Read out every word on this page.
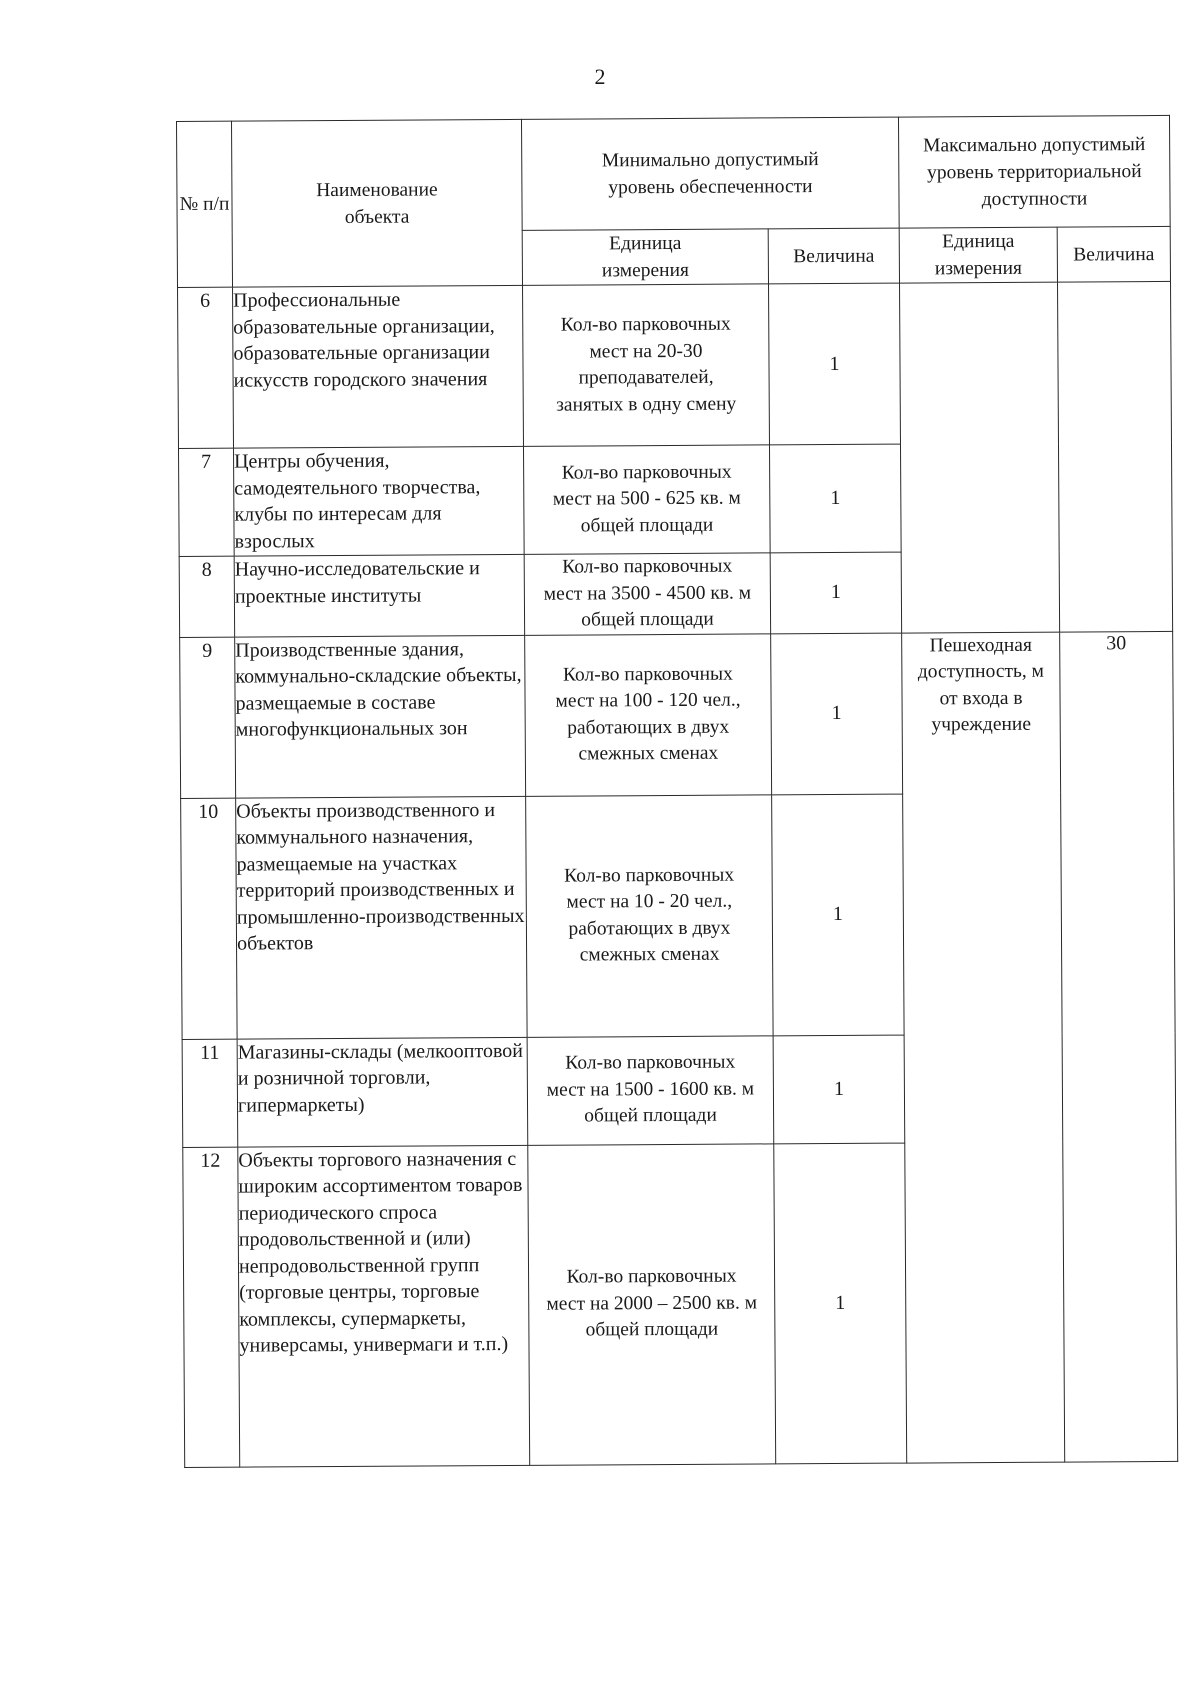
2
№ п/п	Наименование объекта	Минимально допустимый уровень обеспеченности		Максимально допустимый уровень территориальной доступности	
		Единица измерения	Величина	Единица измерения	Величина
6	Профессиональные образовательные организации, образовательные организации искусств городского значения	Кол-во парковочных мест на 20-30 преподавателей, занятых в одну смену	1		
7	Центры обучения, самодеятельного творчества, клубы по интересам для взрослых	Кол-во парковочных мест на 500 - 625 кв. м общей площади	1		
8	Научно-исследовательские и проектные институты	Кол-во парковочных мест на 3500 - 4500 кв. м общей площади	1		
9	Производственные здания, коммунально-складские объекты, размещаемые в составе многофункциональных зон	Кол-во парковочных мест на 100 - 120 чел., работающих в двух смежных сменах	1	Пешеходная доступность, м от входа в учреждение	30
10	Объекты производственного и коммунального назначения, размещаемые на участках территорий производственных и промышленно-производственных объектов	Кол-во парковочных мест на 10 - 20 чел., работающих в двух смежных сменах	1		
11	Магазины-склады (мелкооптовой и розничной торговли, гипермаркеты)	Кол-во парковочных мест на 1500 - 1600 кв. м общей площади	1		
12	Объекты торгового назначения с широким ассортиментом товаров периодического спроса продовольственной и (или) непродовольственной групп (торговые центры, торговые комплексы, супермаркеты, универсамы, универмаги и т.п.)	Кол-во парковочных мест на 2000 – 2500 кв. м общей площади	1		
